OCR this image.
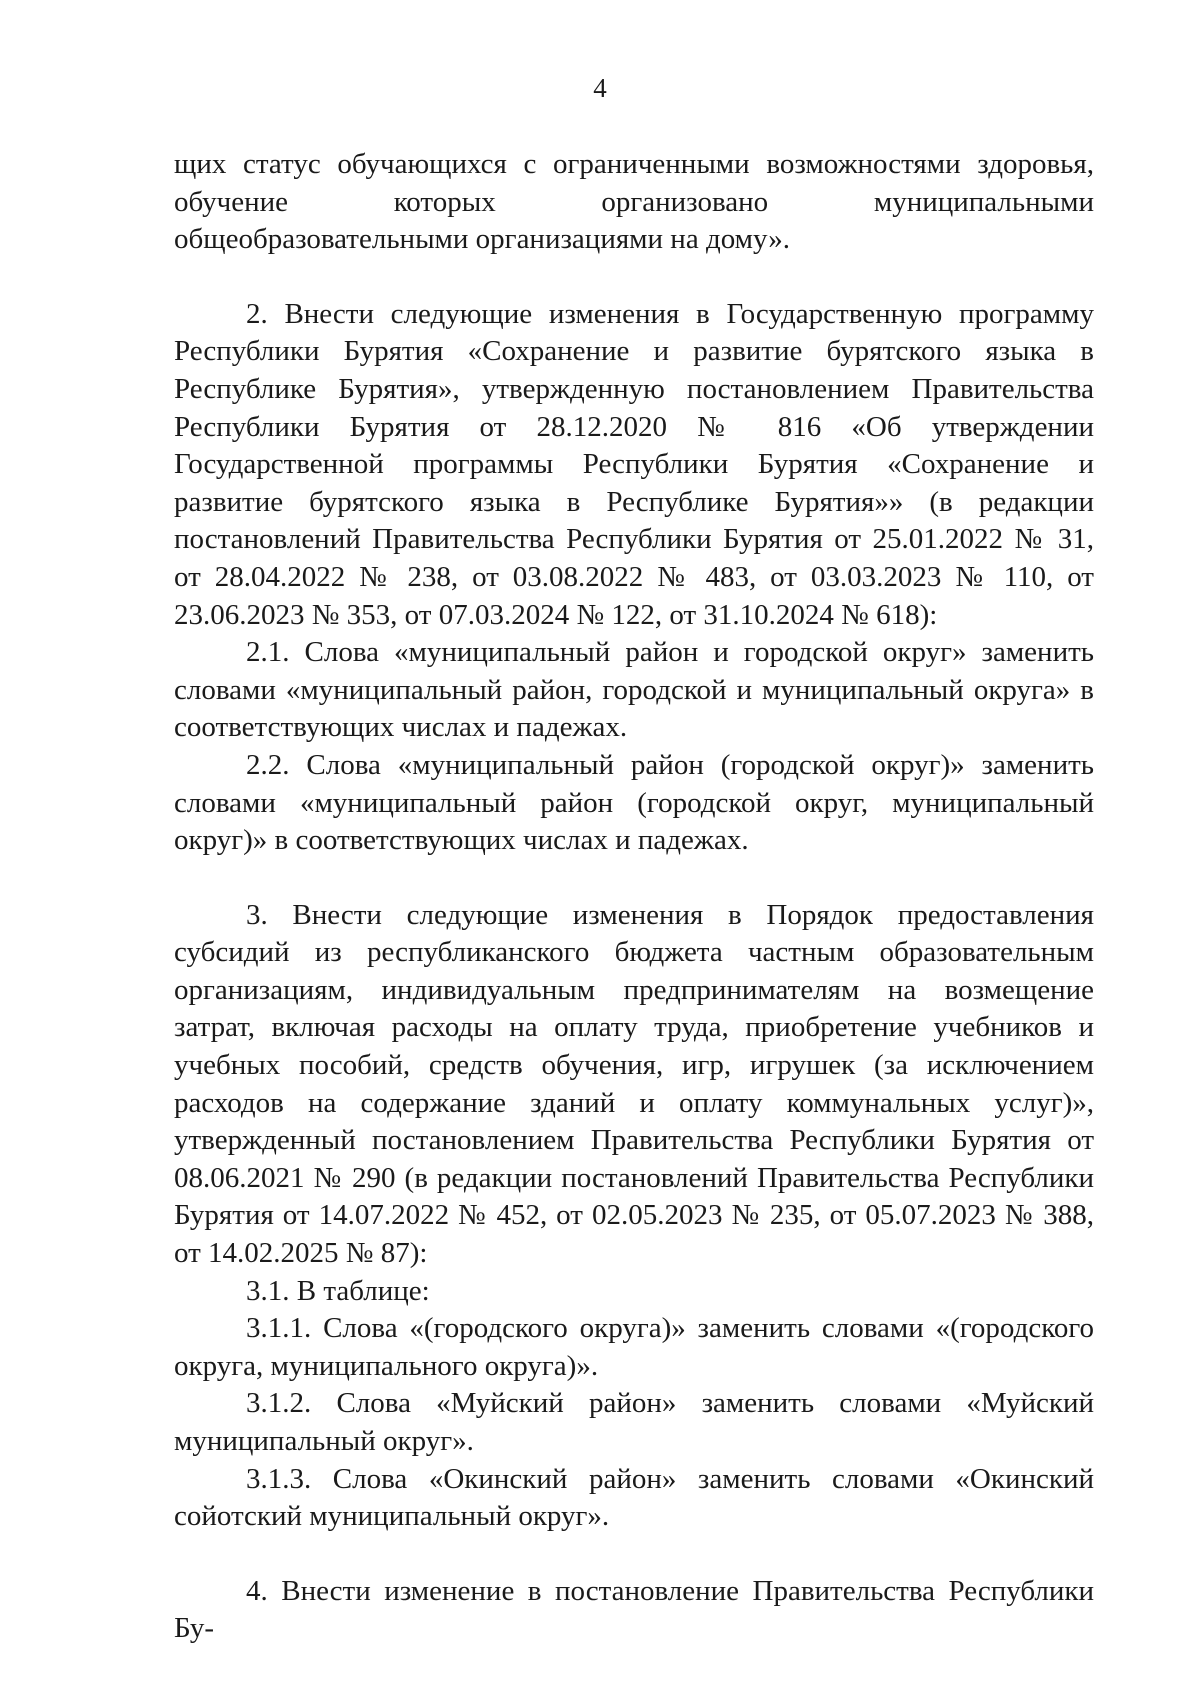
4

щих статус обучающихся с ограниченными возможностями здоровья, обучение которых организовано муниципальными общеобразовательными организациями на дому».

2. Внести следующие изменения в Государственную программу Республики Бурятия «Сохранение и развитие бурятского языка в Республике Бурятия», утвержденную постановлением Правительства Республики Бурятия от 28.12.2020 № 816 «Об утверждении Государственной программы Республики Бурятия «Сохранение и развитие бурятского языка в Республике Бурятия»» (в редакции постановлений Правительства Республики Бурятия от 25.01.2022 № 31, от 28.04.2022 № 238, от 03.08.2022 № 483, от 03.03.2023 № 110, от 23.06.2023 № 353, от 07.03.2024 № 122, от 31.10.2024 № 618):

2.1. Слова «муниципальный район и городской округ» заменить словами «муниципальный район, городской и муниципальный округа» в соответствующих числах и падежах.

2.2. Слова «муниципальный район (городской округ)» заменить словами «муниципальный район (городской округ, муниципальный округ)» в соответствующих числах и падежах.

3. Внести следующие изменения в Порядок предоставления субсидий из республиканского бюджета частным образовательным организациям, индивидуальным предпринимателям на возмещение затрат, включая расходы на оплату труда, приобретение учебников и учебных пособий, средств обучения, игр, игрушек (за исключением расходов на содержание зданий и оплату коммунальных услуг)», утвержденный постановлением Правительства Республики Бурятия от 08.06.2021 № 290 (в редакции постановлений Правительства Республики Бурятия от 14.07.2022 № 452, от 02.05.2023 № 235, от 05.07.2023 № 388, от 14.02.2025 № 87):

3.1. В таблице:

3.1.1. Слова «(городского округа)» заменить словами «(городского округа, муниципального округа)».

3.1.2. Слова «Муйский район» заменить словами «Муйский муниципальный округ».

3.1.3. Слова «Окинский район» заменить словами «Окинский сойотский муниципальный округ».

4. Внести изменение в постановление Правительства Республики Бу-
